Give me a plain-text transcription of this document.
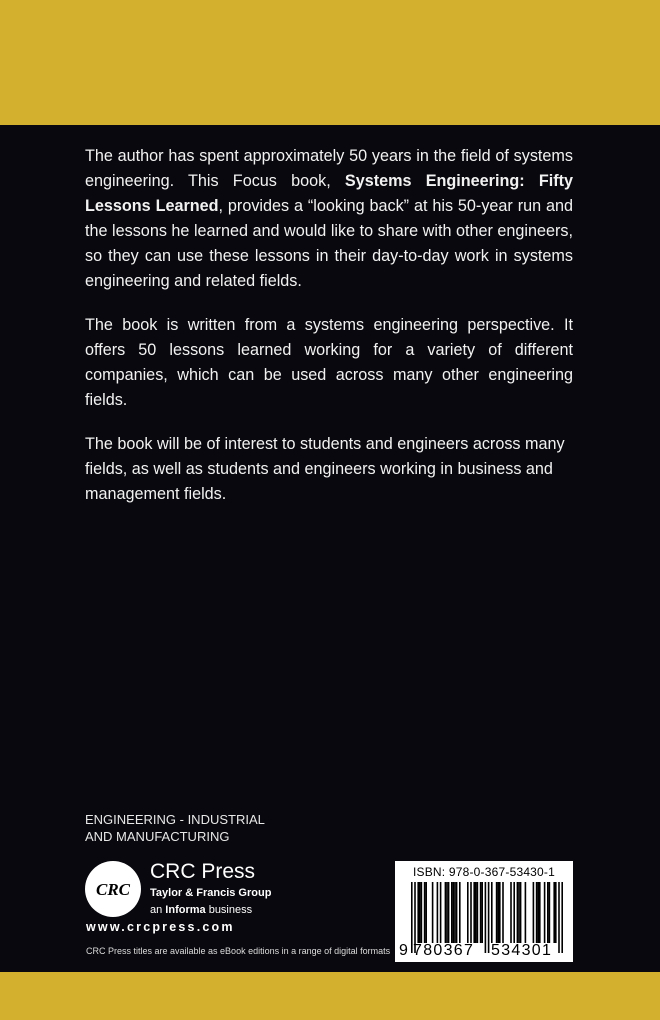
The author has spent approximately 50 years in the field of systems engineering. This Focus book, Systems Engineering: Fifty Lessons Learned, provides a “looking back” at his 50-year run and the lessons he learned and would like to share with other engineers, so they can use these lessons in their day-to-day work in systems engineering and related fields.

The book is written from a systems engineering perspective. It offers 50 lessons learned working for a variety of different companies, which can be used across many other engineering fields.

The book will be of interest to students and engineers across many fields, as well as students and engineers working in business and management fields.

ENGINEERING - INDUSTRIAL
AND MANUFACTURING
CRC
CRC Press
Taylor & Francis Group
an Informa business
www.crcpress.com
CRC Press titles are available as eBook editions in a range of digital formats
ISBN: 978-0-367-53430-1
9 780367	534301
